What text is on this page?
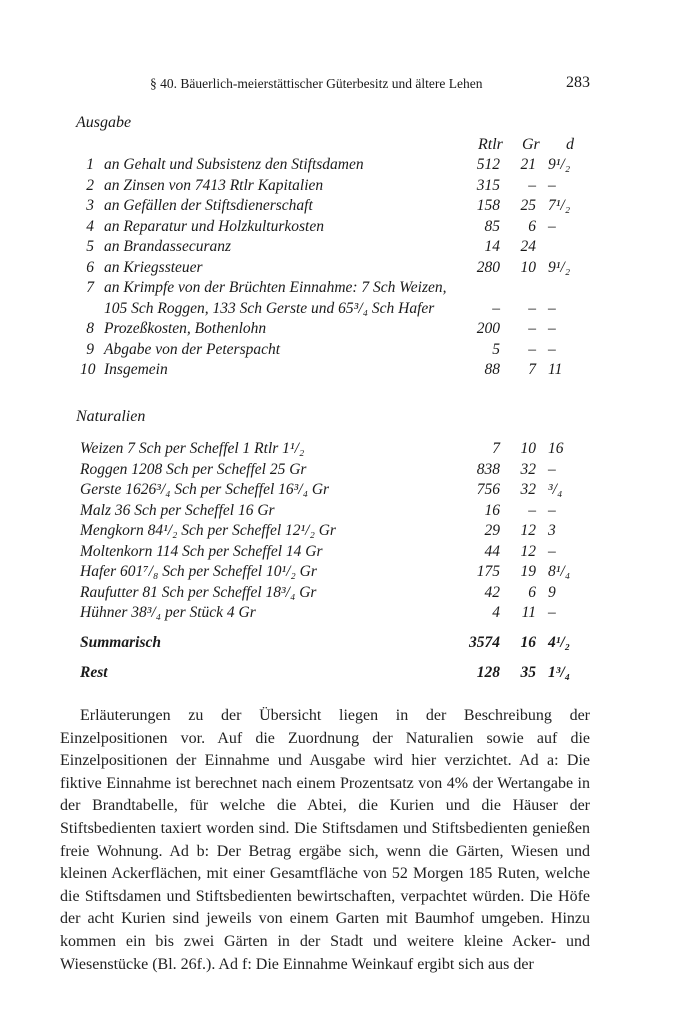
§ 40. Bäuerlich-meierstättischer Güterbesitz und ältere Lehen	283
Ausgabe
Rtlr Gr d
1 an Gehalt und Subsistenz den Stiftsdamen	512	21 9¹/₂
2 an Zinsen von 7413 Rtlr Kapitalien	315	– –
3 an Gefällen der Stiftsdienerschaft	158	25 7¹/₂
4 an Reparatur und Holzkulturkosten	85	6 –
5 an Brandassecuranz	14	24
6 an Kriegssteuer	280	10 9¹/₂
7 an Krimpfe von der Brüchten Einnahme: 7 Sch Weizen,
105 Sch Roggen, 133 Sch Gerste und 65³/₄ Sch Hafer	–	– –
8 Prozeßkosten, Bothenlohn	200	– –
9 Abgabe von der Peterspacht	5	– –
10 Insgemein	88	7 11
Naturalien
Weizen 7 Sch per Scheffel 1 Rtlr 1¹/₂	7	10 16
Roggen 1208 Sch per Scheffel 25 Gr	838	32 –
Gerste 1626³/₄ Sch per Scheffel 16³/₄ Gr	756	32 ³/₄
Malz 36 Sch per Scheffel 16 Gr	16	– –
Mengkorn 84¹/₂ Sch per Scheffel 12¹/₂ Gr	29	12 3
Moltenkorn 114 Sch per Scheffel 14 Gr	44	12 –
Hafer 601⁷/₈ Sch per Scheffel 10¹/₂ Gr	175	19 8¹/₄
Raufutter 81 Sch per Scheffel 18³/₄ Gr	42	6 9
Hühner 38³/₄ per Stück 4 Gr	4	11 –
Summarisch	3574	16 4¹/₂
Rest	128	35 1³/₄

Erläuterungen zu der Übersicht liegen in der Beschreibung der Einzelpositionen vor. Auf die Zuordnung der Naturalien sowie auf die Einzelpositionen der Einnahme und Ausgabe wird hier verzichtet. Ad a: Die fiktive Einnahme ist berechnet nach einem Prozentsatz von 4% der Wertangabe in der Brandtabelle, für welche die Abtei, die Kurien und die Häuser der Stiftsbedienten taxiert worden sind. Die Stiftsdamen und Stiftsbedienten genießen freie Wohnung. Ad b: Der Betrag ergäbe sich, wenn die Gärten, Wiesen und kleinen Ackerflächen, mit einer Gesamtfläche von 52 Morgen 185 Ruten, welche die Stiftsdamen und Stiftsbedienten bewirtschaften, verpachtet würden. Die Höfe der acht Kurien sind jeweils von einem Garten mit Baumhof umgeben. Hinzu kommen ein bis zwei Gärten in der Stadt und weitere kleine Acker- und Wiesenstücke (Bl. 26f.). Ad f: Die Einnahme Weinkauf ergibt sich aus der
